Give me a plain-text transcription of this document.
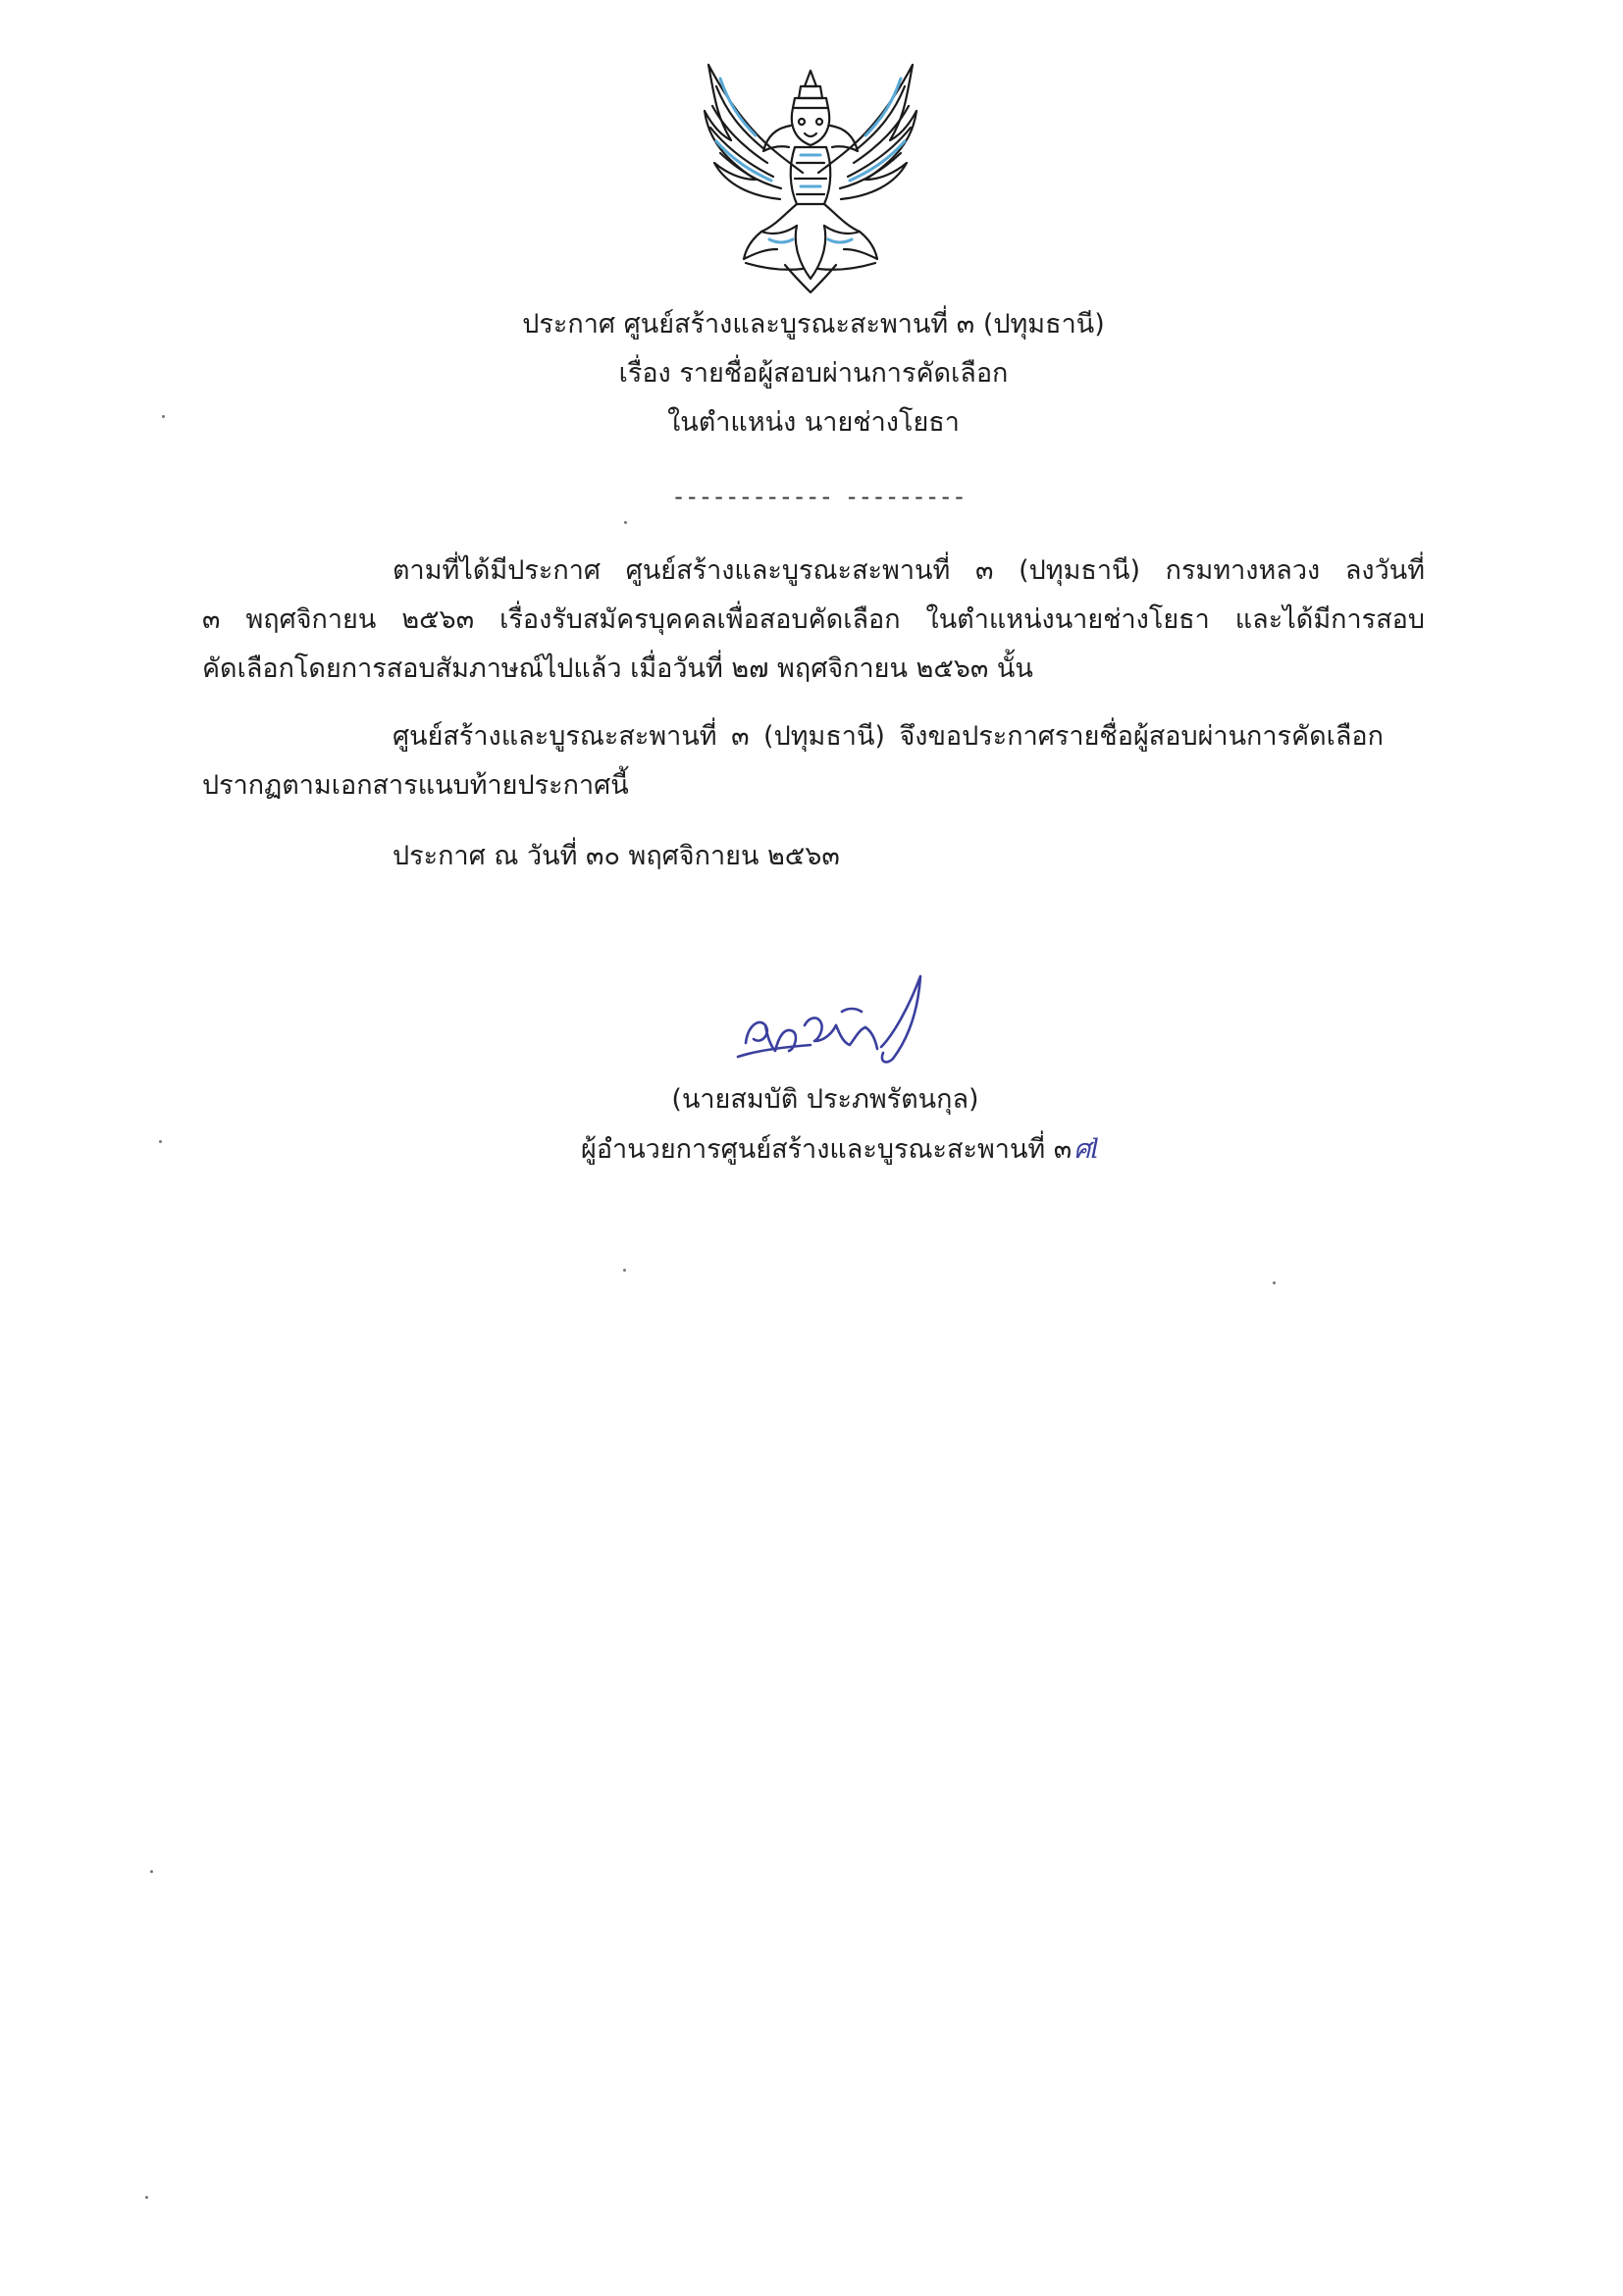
ประกาศ ศูนย์สร้างและบูรณะสะพานที่ ๓ (ปทุมธานี)
เรื่อง รายชื่อผู้สอบผ่านการคัดเลือก
ในตำแหน่ง นายช่างโยธา
------------ ---------
ตามที่ได้มีประกาศ ศูนย์สร้างและบูรณะสะพานที่ ๓ (ปทุมธานี) กรมทางหลวง ลงวันที่
๓ พฤศจิกายน ๒๕๖๓ เรื่องรับสมัครบุคคลเพื่อสอบคัดเลือก ในตำแหน่งนายช่างโยธา และได้มีการสอบ
คัดเลือกโดยการสอบสัมภาษณ์ไปแล้ว เมื่อวันที่ ๒๗ พฤศจิกายน ๒๕๖๓ นั้น
ศูนย์สร้างและบูรณะสะพานที่ ๓ (ปทุมธานี) จึงขอประกาศรายชื่อผู้สอบผ่านการคัดเลือก
ปรากฏตามเอกสารแนบท้ายประกาศนี้
ประกาศ ณ วันที่ ๓๐ พฤศจิกายน ๒๕๖๓
(นายสมบัติ ประภพรัตนกุล)
ผู้อำนวยการศูนย์สร้างและบูรณะสะพานที่ ๓ศl
